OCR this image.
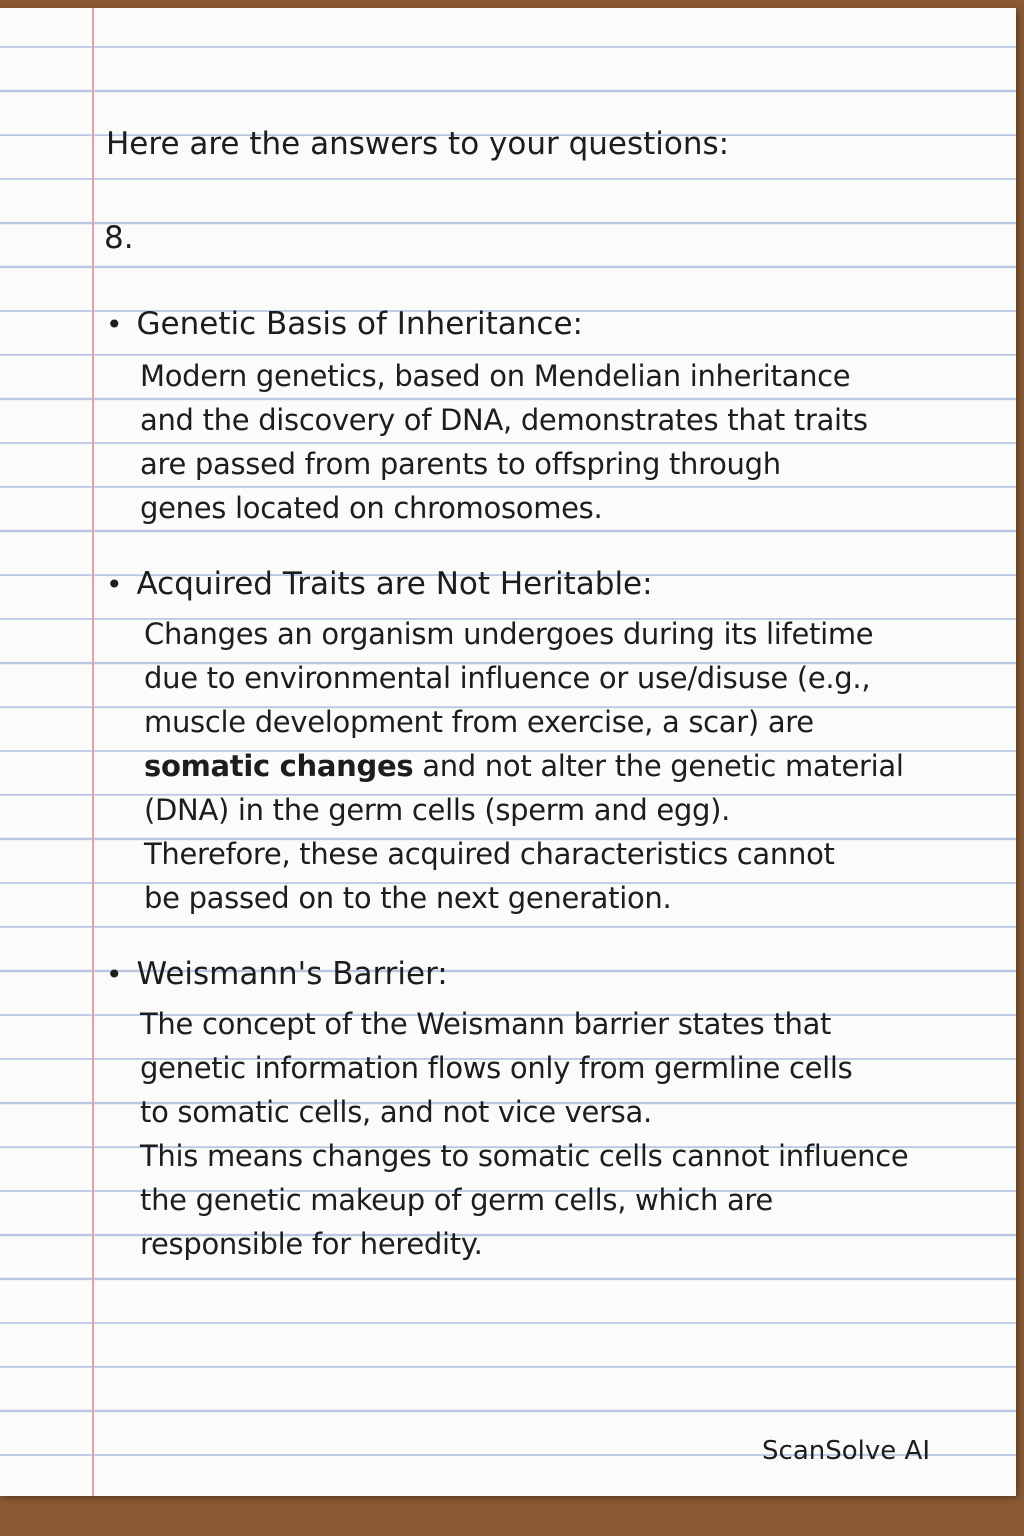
Here are the answers to your questions:
8.
• Genetic Basis of Inheritance:
Modern genetics, based on Mendelian inheritance
and the discovery of DNA, demonstrates that traits
are passed from parents to offspring through
genes located on chromosomes.
• Acquired Traits are Not Heritable:
Changes an organism undergoes during its lifetime
due to environmental influence or use/disuse (e.g.,
muscle development from exercise, a scar) are
somatic changes and not alter the genetic material
(DNA) in the germ cells (sperm and egg).
Therefore, these acquired characteristics cannot
be passed on to the next generation.
• Weismann's Barrier:
The concept of the Weismann barrier states that
genetic information flows only from germline cells
to somatic cells, and not vice versa.
This means changes to somatic cells cannot influence
the genetic makeup of germ cells, which are
responsible for heredity.
ScanSolve AI
